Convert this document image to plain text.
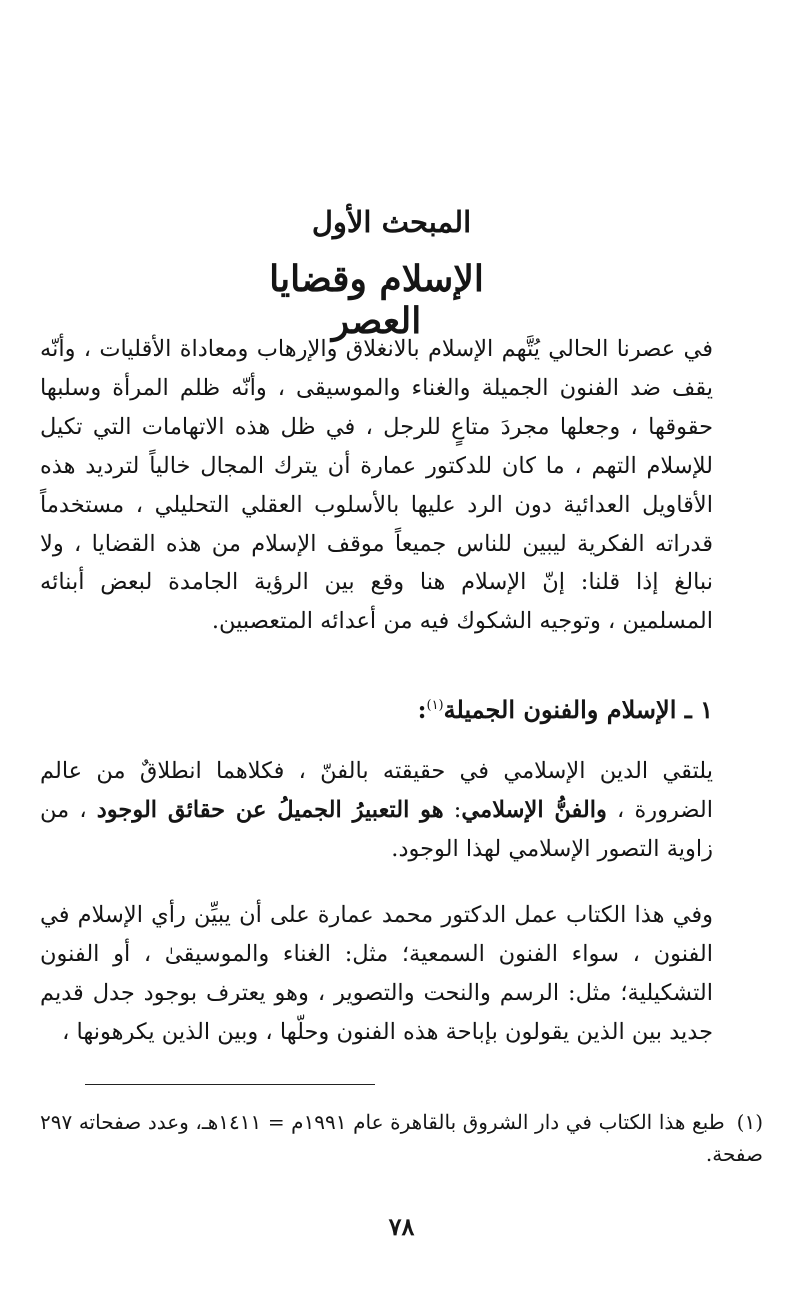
المبحث الأول
الإسلام وقضايا العصر

في عصرنا الحالي يُتَّهم الإسلام بالانغلاق والإرهاب ومعاداة الأقليات ، وأنّه يقف ضد الفنون الجميلة والغناء والموسيقى ، وأنّه ظلم المرأة وسلبها حقوقها ، وجعلها مجردَ متاعٍ للرجل ، في ظل هذه الاتهامات التي تكيل للإسلام التهم ، ما كان للدكتور عمارة أن يترك المجال خالياً لترديد هذه الأقاويل العدائية دون الرد عليها بالأسلوب العقلي التحليلي ، مستخدماً قدراته الفكرية ليبين للناس جميعاً موقف الإسلام من هذه القضايا ، ولا نبالغ إذا قلنا: إنّ الإسلام هنا وقع بين الرؤية الجامدة لبعض أبنائه المسلمين ، وتوجيه الشكوك فيه من أعدائه المتعصبين.

١ ـ الإسلام والفنون الجميلة$^{(١)}$:

يلتقي الدين الإسلامي في حقيقته بالفنّ ، فكلاهما انطلاقٌ من عالم الضرورة ، والفنُّ الإسلامي: هو التعبيرُ الجميلُ عن حقائق الوجود ، من زاوية التصور الإسلامي لهذا الوجود.

وفي هذا الكتاب عمل الدكتور محمد عمارة على أن يبيِّن رأي الإسلام في الفنون ، سواء الفنون السمعية؛ مثل: الغناء والموسيقىٰ ، أو الفنون التشكيلية؛ مثل: الرسم والنحت والتصوير ، وهو يعترف بوجود جدل قديم جديد بين الذين يقولون بإباحة هذه الفنون وحلّها ، وبين الذين يكرهونها ،

(١)طبع هذا الكتاب في دار الشروق بالقاهرة عام ١٩٩١م = ١٤١١هـ، وعدد صفحاته ٢٩٧ صفحة.

٧٨
